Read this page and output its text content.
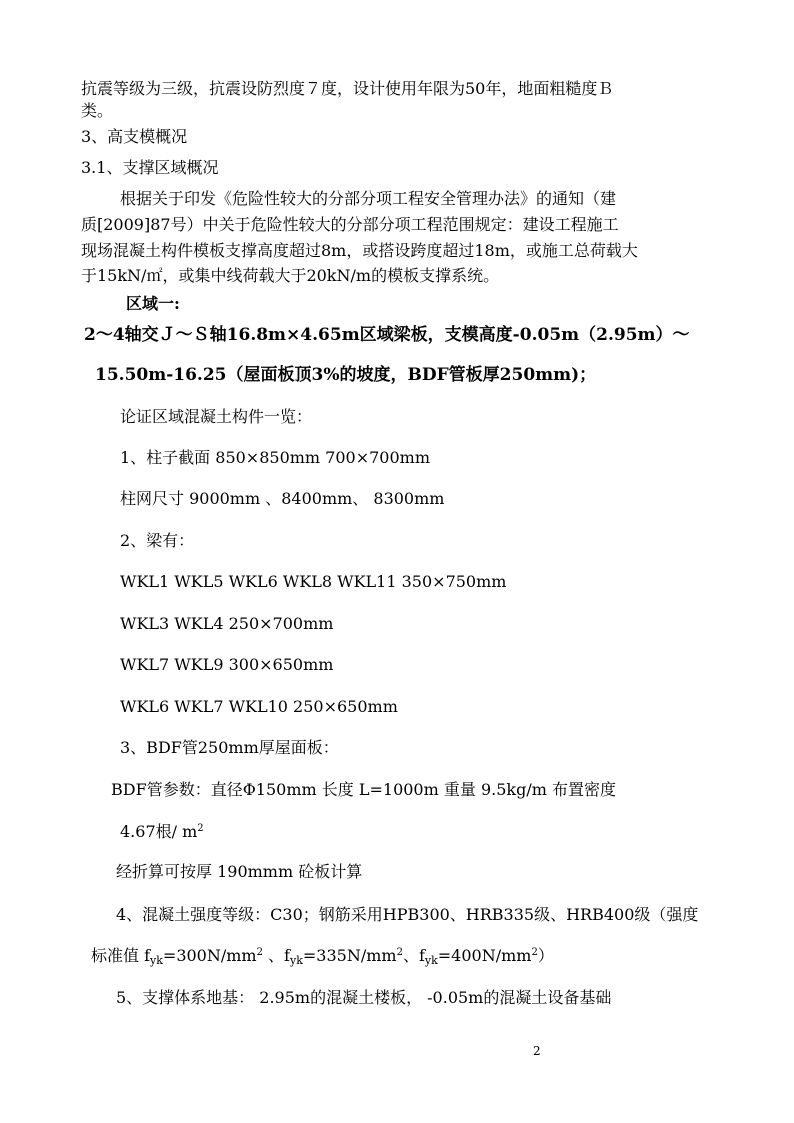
抗震等级为三级，抗震设防烈度７度，设计使用年限为50年，地面粗糙度Ｂ
类。
3、高支模概况
3.1、支撑区域概况
根据关于印发《危险性较大的分部分项工程安全管理办法》的通知（建
质[2009]87号）中关于危险性较大的分部分项工程范围规定：建设工程施工
现场混凝土构件模板支撑高度超过8m，或搭设跨度超过18m，或施工总荷载大
于15kN/㎡，或集中线荷载大于20kN/m的模板支撑系统。
区域一:
2～4轴交Ｊ～Ｓ轴16.8m×4.65m区域梁板，支模高度-0.05m（2.95m）～
15.50m-16.25（屋面板顶3%的坡度，BDF管板厚250mm)；
论证区域混凝土构件一览：
1、柱子截面 850×850mm 700×700mm
柱网尺寸 9000mm 、8400mm、 8300mm
2、梁有：
WKL1 WKL5 WKL6 WKL8 WKL11 350×750mm
WKL3 WKL4 250×700mm
WKL7 WKL9 300×650mm
WKL6 WKL7 WKL10 250×650mm
3、BDF管250mm厚屋面板：
BDF管参数：直径Φ150mm 长度 L=1000m 重量 9.5kg/m 布置密度
4.67根/ $m^2$
经折算可按厚 190mmm 砼板计算
4、混凝土强度等级：C30；钢筋采用HPB300、HRB335级、HRB400级（强度
标准值 $f_{yk}=300N/mm^2$ 、$f_{yk}=335N/mm^2$、$f_{yk}=400N/mm^2$）
5、支撑体系地基： 2.95m的混凝土楼板， -0.05m的混凝土设备基础
2
